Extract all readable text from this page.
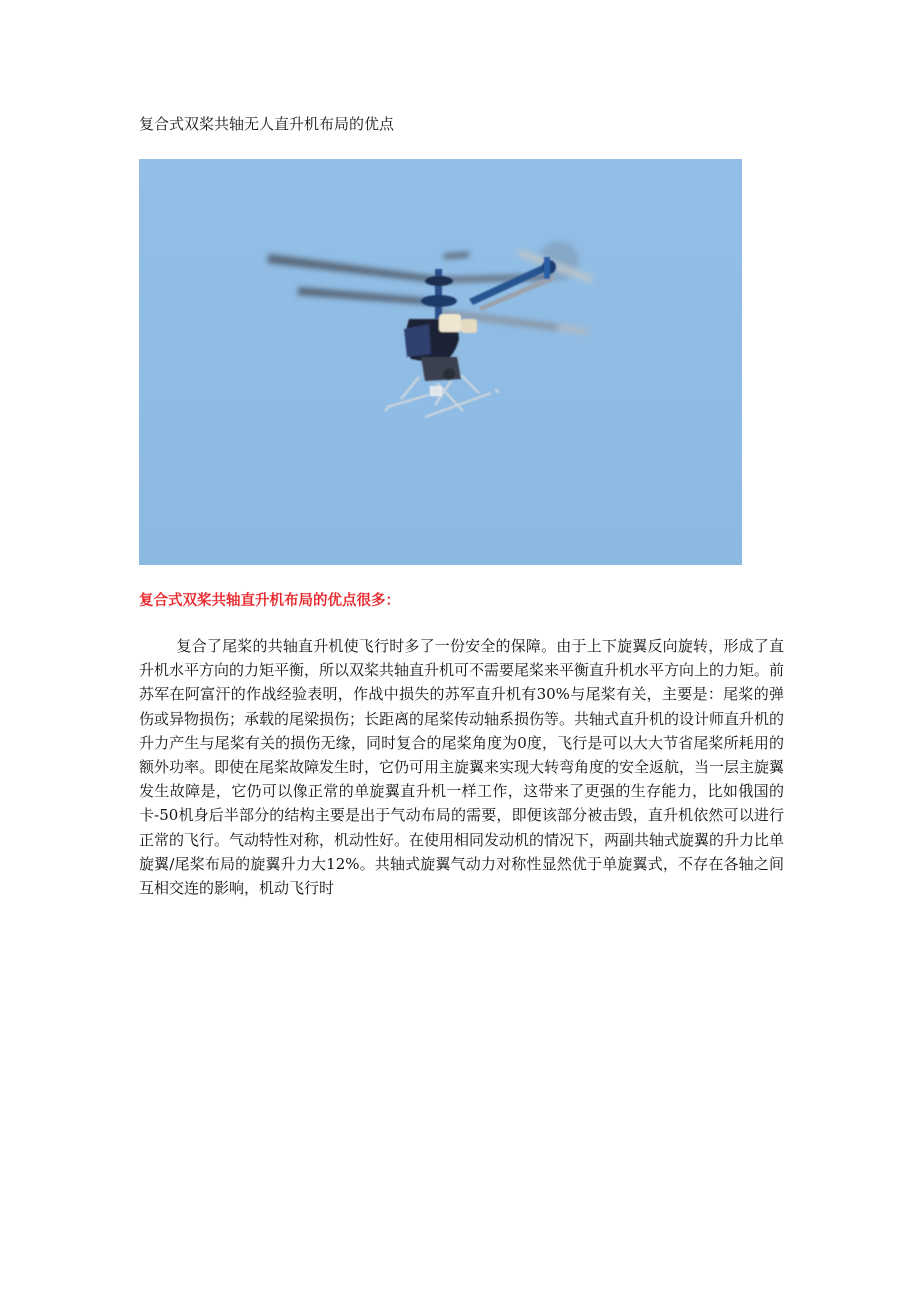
复合式双桨共轴无人直升机布局的优点
复合式双桨共轴直升机布局的优点很多：

复合了尾桨的共轴直升机使飞行时多了一份安全的保障。由于上下旋翼反向旋转，形成了直升机水平方向的力矩平衡，所以双桨共轴直升机可不需要尾桨来平衡直升机水平方向上的力矩。前苏军在阿富汗的作战经验表明，作战中损失的苏军直升机有30%与尾桨有关，主要是：尾桨的弹伤或异物损伤；承载的尾梁损伤；长距离的尾桨传动轴系损伤等。共轴式直升机的设计师直升机的升力产生与尾桨有关的损伤无缘，同时复合的尾桨角度为0度，飞行是可以大大节省尾桨所耗用的额外功率。即使在尾桨故障发生时，它仍可用主旋翼来实现大转弯角度的安全返航，当一层主旋翼发生故障是，它仍可以像正常的单旋翼直升机一样工作，这带来了更强的生存能力，比如俄国的卡-50机身后半部分的结构主要是出于气动布局的需要，即便该部分被击毁，直升机依然可以进行正常的飞行。气动特性对称，机动性好。在使用相同发动机的情况下，两副共轴式旋翼的升力比单旋翼/尾桨布局的旋翼升力大12%。共轴式旋翼气动力对称性显然优于单旋翼式，不存在各轴之间互相交连的影响，机动飞行时
